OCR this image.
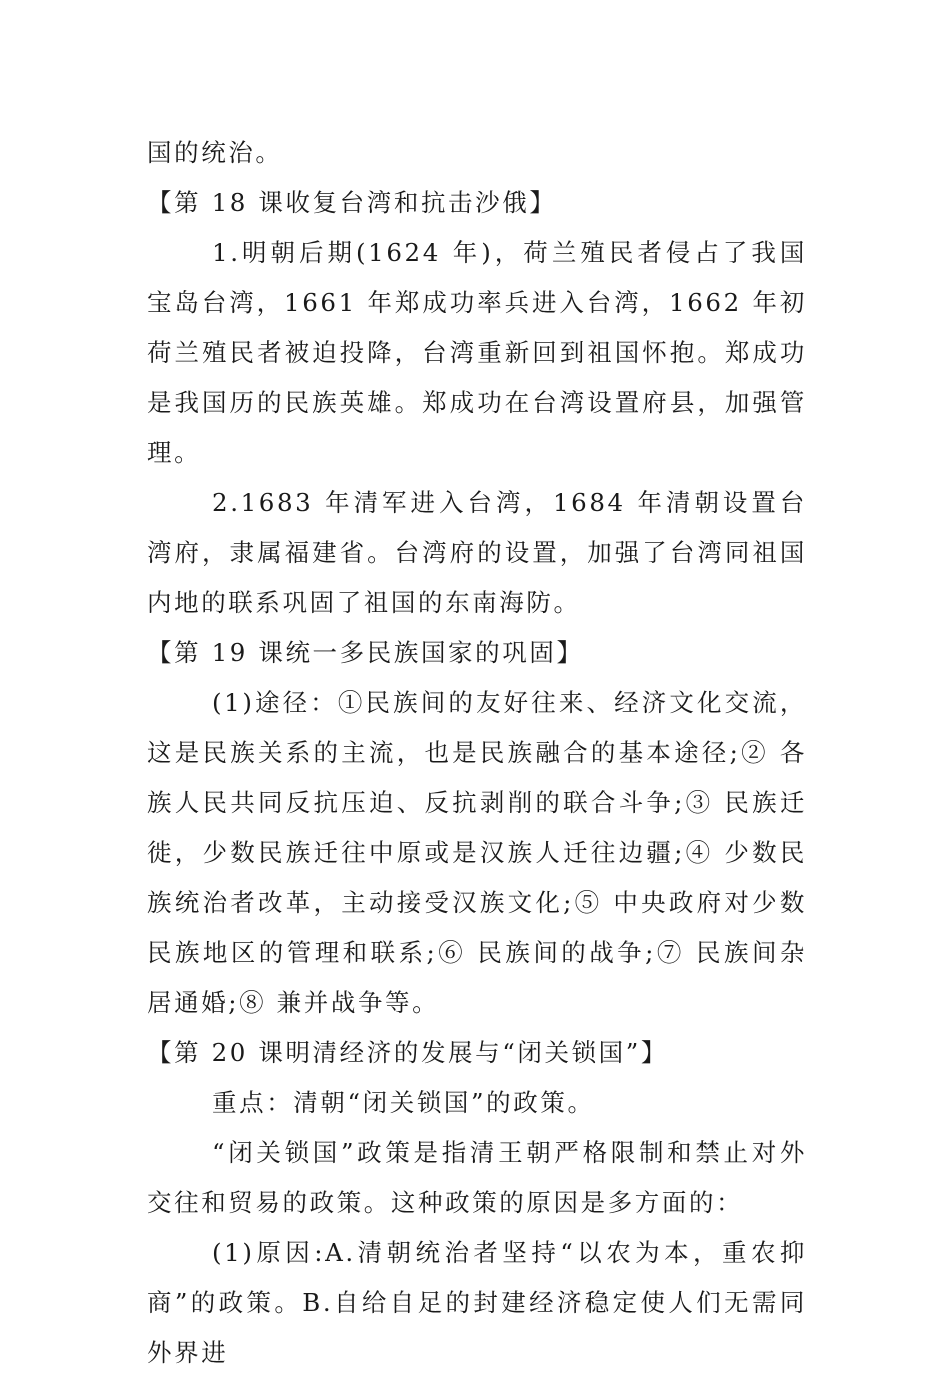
国的统治。

【第 18 课收复台湾和抗击沙俄】

1.明朝后期(1624 年)，荷兰殖民者侵占了我国宝岛台湾，1661 年郑成功率兵进入台湾，1662 年初荷兰殖民者被迫投降，台湾重新回到祖国怀抱。郑成功是我国历的民族英雄。郑成功在台湾设置府县，加强管理。

2.1683 年清军进入台湾，1684 年清朝设置台湾府，隶属福建省。台湾府的设置，加强了台湾同祖国内地的联系巩固了祖国的东南海防。

【第 19 课统一多民族国家的巩固】

(1)途径：①民族间的友好往来、经济文化交流，这是民族关系的主流，也是民族融合的基本途径;② 各族人民共同反抗压迫、反抗剥削的联合斗争;③ 民族迁徙，少数民族迁往中原或是汉族人迁往边疆;④ 少数民族统治者改革，主动接受汉族文化;⑤ 中央政府对少数民族地区的管理和联系;⑥ 民族间的战争;⑦ 民族间杂居通婚;⑧ 兼并战争等。

【第 20 课明清经济的发展与“闭关锁国”】

重点：清朝“闭关锁国”的政策。

“闭关锁国”政策是指清王朝严格限制和禁止对外交往和贸易的政策。这种政策的原因是多方面的：

(1)原因:A.清朝统治者坚持“以农为本，重农抑商”的政策。B.自给自足的封建经济稳定使人们无需同外界进
